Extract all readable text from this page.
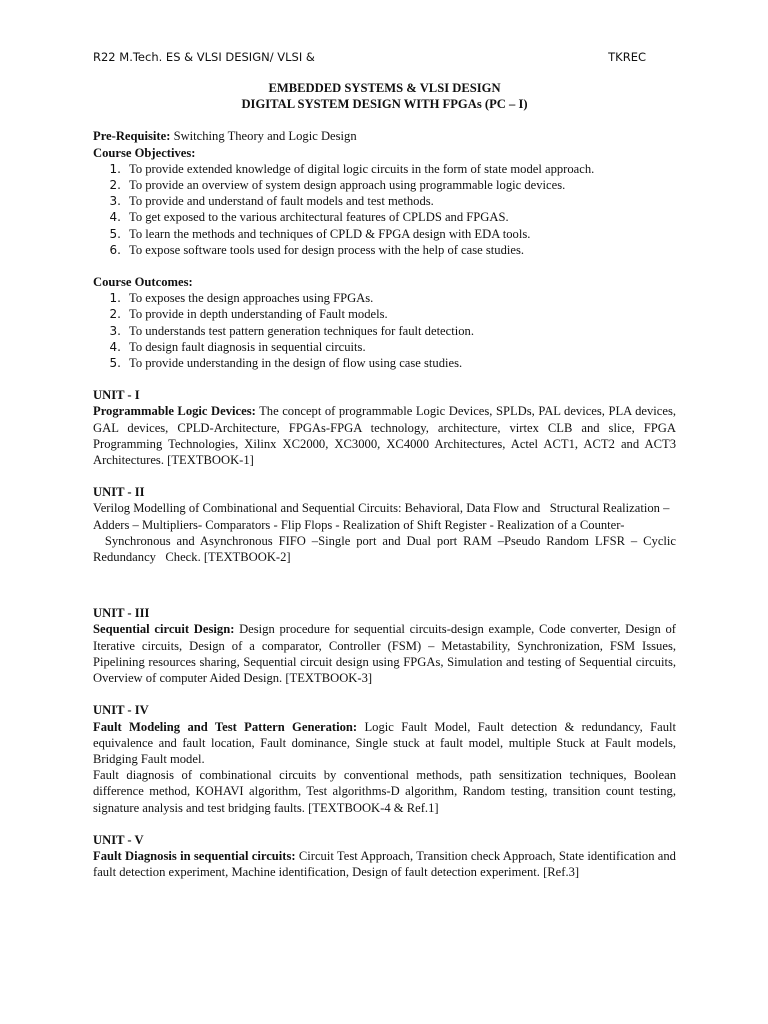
R22 M.Tech. ES & VLSI DESIGN/ VLSI &	TKREC
EMBEDDED SYSTEMS & VLSI DESIGN
DIGITAL SYSTEM DESIGN WITH FPGAs (PC – I)
Pre-Requisite: Switching Theory and Logic Design
Course Objectives:
1. To provide extended knowledge of digital logic circuits in the form of state model approach.
2. To provide an overview of system design approach using programmable logic devices.
3. To provide and understand of fault models and test methods.
4. To get exposed to the various architectural features of CPLDS and FPGAS.
5. To learn the methods and techniques of CPLD & FPGA design with EDA tools.
6. To expose software tools used for design process with the help of case studies.
Course Outcomes:
1. To exposes the design approaches using FPGAs.
2. To provide in depth understanding of Fault models.
3. To understands test pattern generation techniques for fault detection.
4. To design fault diagnosis in sequential circuits.
5. To provide understanding in the design of flow using case studies.
UNIT - I
Programmable Logic Devices: The concept of programmable Logic Devices, SPLDs, PAL devices, PLA devices, GAL devices, CPLD-Architecture, FPGAs-FPGA technology, architecture, virtex CLB and slice, FPGA Programming Technologies, Xilinx XC2000, XC3000, XC4000 Architectures, Actel ACT1, ACT2 and ACT3 Architectures. [TEXTBOOK-1]
UNIT - II
Verilog Modelling of Combinational and Sequential Circuits: Behavioral, Data Flow and   Structural Realization –
Adders – Multipliers- Comparators - Flip Flops - Realization of Shift Register - Realization of a Counter-
Synchronous and Asynchronous FIFO –Single port and Dual port RAM –Pseudo Random LFSR – Cyclic Redundancy   Check. [TEXTBOOK-2]
UNIT - III
Sequential circuit Design: Design procedure for sequential circuits-design example, Code converter, Design of Iterative circuits, Design of a comparator, Controller (FSM) – Metastability, Synchronization, FSM Issues, Pipelining resources sharing, Sequential circuit design using FPGAs, Simulation and testing of Sequential circuits, Overview of computer Aided Design. [TEXTBOOK-3]
UNIT - IV
Fault Modeling and Test Pattern Generation: Logic Fault Model, Fault detection & redundancy, Fault equivalence and fault location, Fault dominance, Single stuck at fault model, multiple Stuck at Fault models, Bridging Fault model.
Fault diagnosis of combinational circuits by conventional methods, path sensitization techniques, Boolean difference method, KOHAVI algorithm, Test algorithms-D algorithm, Random testing, transition count testing, signature analysis and test bridging faults. [TEXTBOOK-4 & Ref.1]
UNIT - V
Fault Diagnosis in sequential circuits: Circuit Test Approach, Transition check Approach, State identification and fault detection experiment, Machine identification, Design of fault detection experiment. [Ref.3]
